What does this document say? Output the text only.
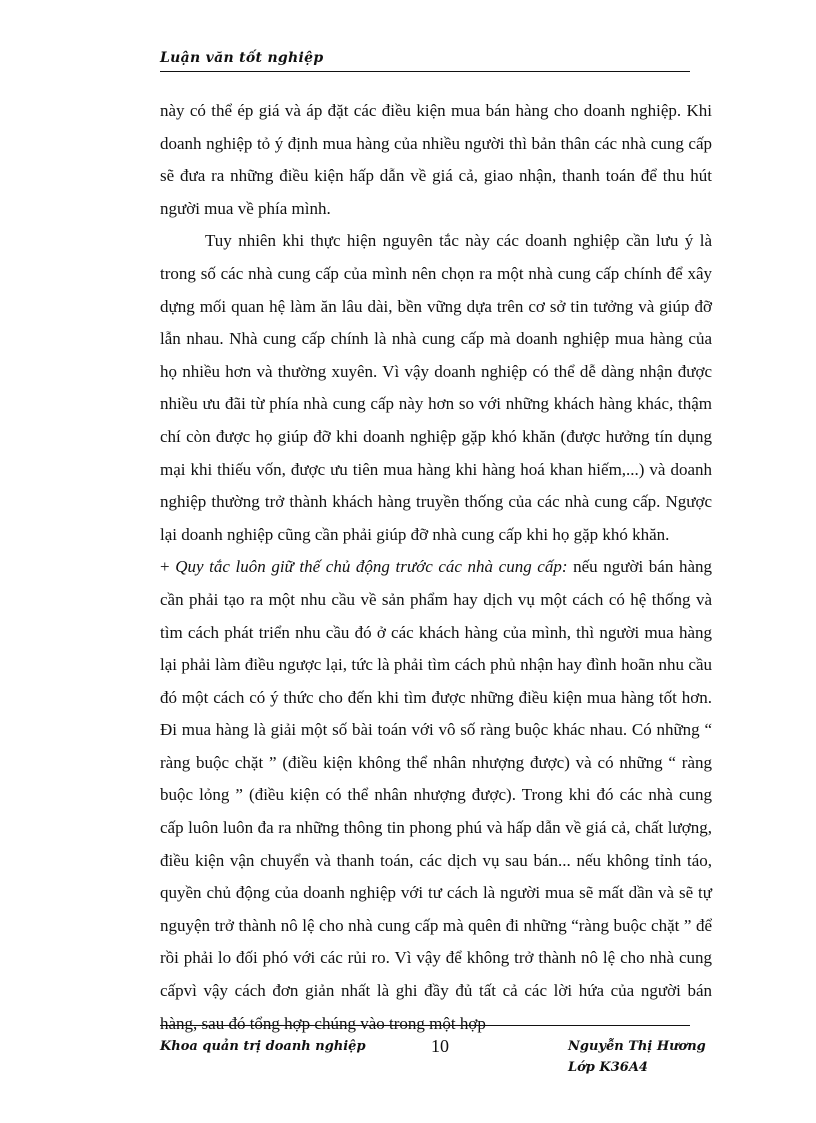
Luận văn tốt nghiệp

này có thể ép giá và áp đặt các điều kiện mua bán hàng cho doanh nghiệp. Khi doanh nghiệp tỏ ý định mua hàng của nhiều người thì bản thân các nhà cung cấp sẽ đưa ra những điều kiện hấp dẫn về giá cả, giao nhận, thanh toán để thu hút người mua về phía mình.

Tuy nhiên khi thực hiện nguyên tắc này các doanh nghiệp cần lưu ý là trong số các nhà cung cấp của mình nên chọn ra một nhà cung cấp chính để xây dựng mối quan hệ làm ăn lâu dài, bền vững dựa trên cơ sở tin tưởng và giúp đỡ lẫn nhau. Nhà cung cấp chính là nhà cung cấp mà doanh nghiệp mua hàng của họ nhiều hơn và thường xuyên. Vì vậy doanh nghiệp có thể dễ dàng nhận được nhiều ưu đãi từ phía nhà cung cấp này hơn so với những khách hàng khác, thậm chí còn được họ giúp đỡ khi doanh nghiệp gặp khó khăn (được hưởng tín dụng mại khi thiếu vốn, được ưu tiên mua hàng khi hàng hoá khan hiếm,...) và doanh nghiệp thường trở thành khách hàng truyền thống của các nhà cung cấp. Ngược lại doanh nghiệp cũng cần phải giúp đỡ nhà cung cấp khi họ gặp khó khăn.

+ Quy tắc luôn giữ thế chủ động trước các nhà cung cấp: nếu người bán hàng cần phải tạo ra một nhu cầu về sản phẩm hay dịch vụ một cách có hệ thống và tìm cách phát triển nhu cầu đó ở các khách hàng của mình, thì người mua hàng lại phải làm điều ngược lại, tức là phải tìm cách phủ nhận hay đình hoãn nhu cầu đó một cách có ý thức cho đến khi tìm được những điều kiện mua hàng tốt hơn. Đi mua hàng là giải một số bài toán với vô số ràng buộc khác nhau. Có những “ ràng buộc chặt ” (điều kiện không thể nhân nhượng được) và có những “ ràng buộc lỏng ” (điều kiện có thể nhân nhượng được). Trong khi đó các nhà cung cấp luôn luôn đa ra những thông tin phong phú và hấp dẫn về giá cả, chất lượng, điều kiện vận chuyển và thanh toán, các dịch vụ sau bán... nếu không tỉnh táo, quyền chủ động của doanh nghiệp với tư cách là người mua sẽ mất dần và sẽ tự nguyện trở thành nô lệ cho nhà cung cấp mà quên đi những “ràng buộc chặt ” để rồi phải lo đối phó với các rủi ro. Vì vậy để không trở thành nô lệ cho nhà cung cấpvì vậy cách đơn giản nhất là ghi đầy đủ tất cả các lời hứa của người bán hàng, sau đó tổng hợp chúng vào trong một hợp

Khoa quản trị doanh nghiệp	10	Nguyễn Thị Hương
Lớp K36A4
